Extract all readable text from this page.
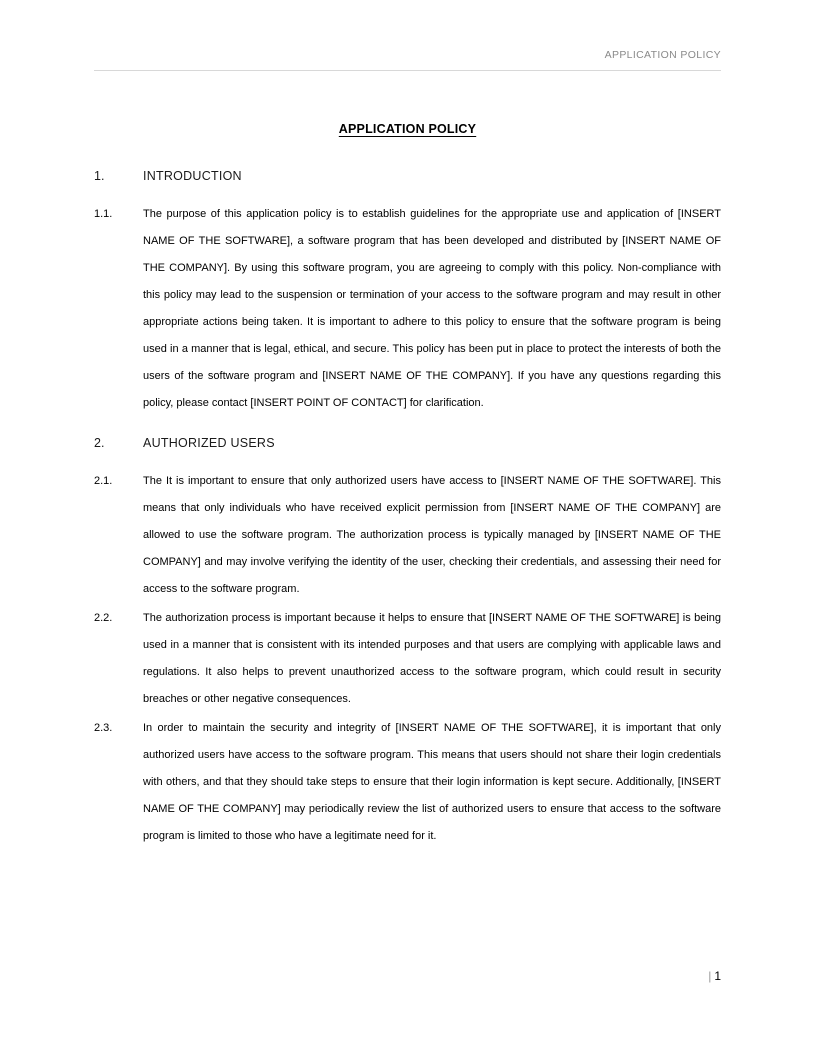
APPLICATION POLICY
APPLICATION POLICY
1.	INTRODUCTION
1.1.	The purpose of this application policy is to establish guidelines for the appropriate use and application of [INSERT NAME OF THE SOFTWARE], a software program that has been developed and distributed by [INSERT NAME OF THE COMPANY]. By using this software program, you are agreeing to comply with this policy. Non-compliance with this policy may lead to the suspension or termination of your access to the software program and may result in other appropriate actions being taken. It is important to adhere to this policy to ensure that the software program is being used in a manner that is legal, ethical, and secure. This policy has been put in place to protect the interests of both the users of the software program and [INSERT NAME OF THE COMPANY]. If you have any questions regarding this policy, please contact [INSERT POINT OF CONTACT] for clarification.
2.	AUTHORIZED USERS
2.1.	The It is important to ensure that only authorized users have access to [INSERT NAME OF THE SOFTWARE]. This means that only individuals who have received explicit permission from [INSERT NAME OF THE COMPANY] are allowed to use the software program. The authorization process is typically managed by [INSERT NAME OF THE COMPANY] and may involve verifying the identity of the user, checking their credentials, and assessing their need for access to the software program.
2.2.	The authorization process is important because it helps to ensure that [INSERT NAME OF THE SOFTWARE] is being used in a manner that is consistent with its intended purposes and that users are complying with applicable laws and regulations. It also helps to prevent unauthorized access to the software program, which could result in security breaches or other negative consequences.
2.3.	In order to maintain the security and integrity of [INSERT NAME OF THE SOFTWARE], it is important that only authorized users have access to the software program. This means that users should not share their login credentials with others, and that they should take steps to ensure that their login information is kept secure. Additionally, [INSERT NAME OF THE COMPANY] may periodically review the list of authorized users to ensure that access to the software program is limited to those who have a legitimate need for it.
| 1
